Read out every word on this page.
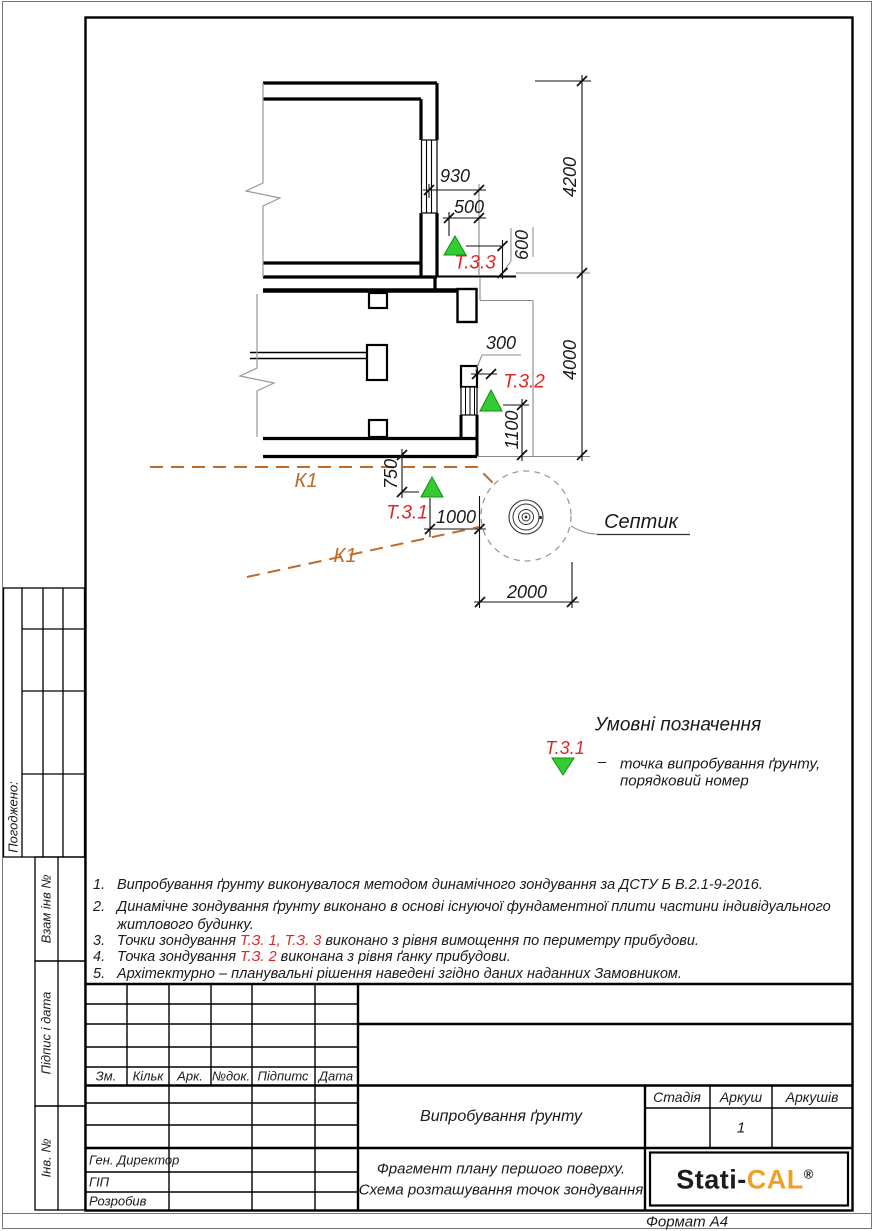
930
500
600
4200
300 4000
1100
750
1000
2000
Т.3.3
Т.3.2
Т.3.1
К1
К1
Септик
Умовні позначення
Т.3.1
– точка випробування ґрунту,
порядковий номер
1. Випробування ґрунту виконувалося методом динамічного зондування за ДСТУ Б В.2.1-9-2016.
2. Динамічне зондування ґрунту виконано в основі існуючої фундаментної плити частини індивідуального
житлового будинку.
3. Точки зондування Т.З. 1, Т.З. 3 виконано з рівня вимощення по периметру прибудови.
4. Точка зондування Т.З. 2 виконана з рівня ґанку прибудови.
5. Архітектурно – планувальні рішення наведені згідно даних наданних Замовником.
Зм. Кільк Арк. №док. Підпитс Дата
Ген. Директор
ГІП
Розробив
Випробування ґрунту
Фрагмент плану першого поверху.
Схема розташування точок зондування
Стадія Аркуш Аркушів
1
Stati-CAL®
Формат А4
Погоджено:
Взам інв №
Підпис і дата
Інв. №
